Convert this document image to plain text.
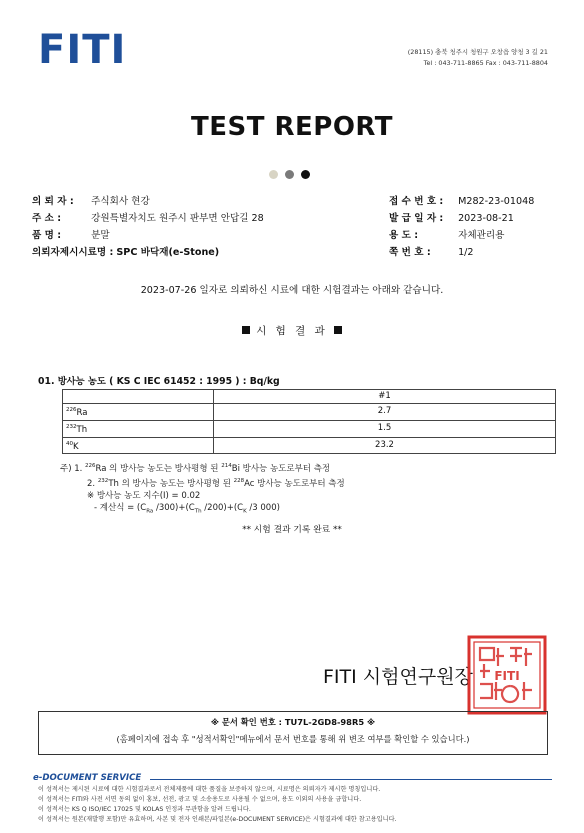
FITI	(28115) 충북 청주시 청원구 오창읍 양청 3 길 21
Tel : 043-711-8865 Fax : 043-711-8804
TEST REPORT
의 뢰 자 : 주식회사 현강
주 소 :	강원특별자치도 원주시 판부면 안답길 28
품 명 :	분말
의뢰자제시시료명 : SPC 바닥재(e-Stone)
접 수 번 호 : M282-23-01048
발 급 일 자 : 2023-08-21
용 도 :	자체관리용
쪽 번 호 :	1/2
2023-07-26 일자로 의뢰하신 시료에 대한 시험결과는 아래와 같습니다.
시 험 결 과
01. 방사능 농도 ( KS C IEC 61452 : 1995 ) : Bq/kg
	#1
$^{226}$Ra	2.7
$^{232}$Th	1.5
$^{40}$K	23.2
주) 1. $^{226}$Ra 의 방사능 농도는 방사평형 된 $^{214}$Bi 방사능 농도로부터 측정
2. $^{232}$Th 의 방사능 농도는 방사평형 된 $^{228}$Ac 방사능 농도로부터 측정
※ 방사능 농도 지수(I) = 0.02
- 계산식 = ($C_{Ra}$ $/300)+(C_{Th}$ $/200)+(C_K$ /3 000)
** 시험 결과 기록 완료 **
FITI 시험연구원장 FITI
※ 문서 확인 번호 : TU7L-2GD8-98R5 ※
(홈페이지에 접속 후 "성적서확인"메뉴에서 문서 번호를 통해 위 변조 여부를 확인할 수 있습니다.)
e-DOCUMENT SERVICE
이 성적서는 제시된 시료에 대한 시험결과로서 전체제품에 대한 품질을 보증하지 않으며, 시료명은 의뢰자가 제시한 명칭입니다.
이 성적서는 FITI와 사전 서면 동의 없이 홍보, 선전, 광고 및 소송용도로 사용될 수 없으며, 용도 이외의 사용을 금합니다.
이 성적서는 KS Q ISO/IEC 17025 및 KOLAS 인정과 무관함을 알려 드립니다.
이 성적서는 원본(재발행 포함)만 유효하며, 사본 및 전자 인쇄본/파일본(e-DOCUMENT SERVICE)은 시험결과에 대한 참고용입니다.
